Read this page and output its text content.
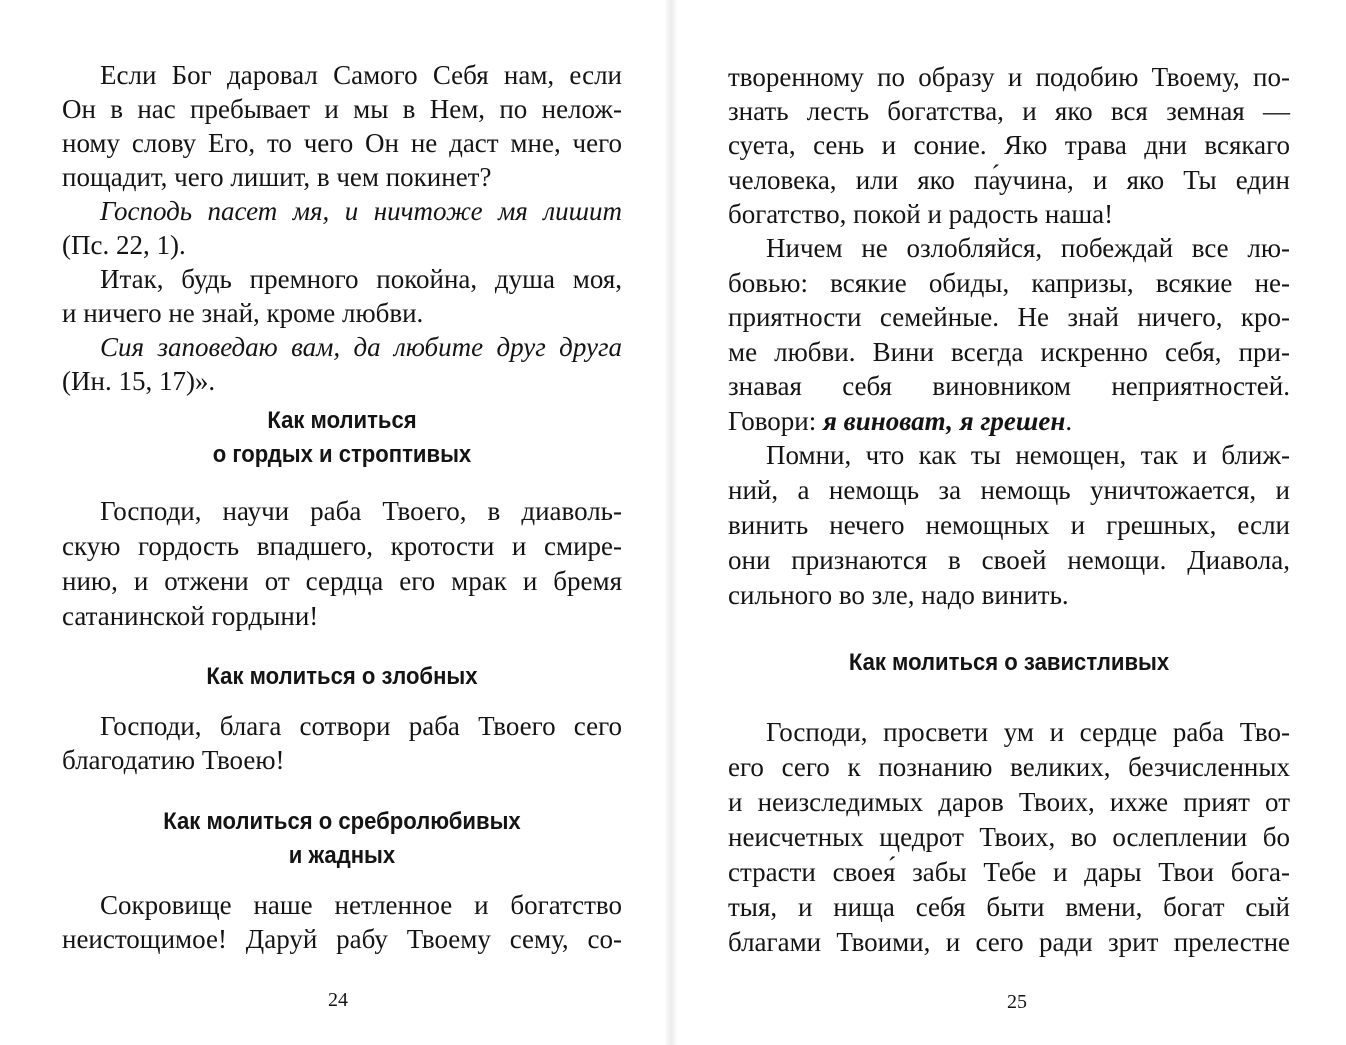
Если Бог даровал Самого Себя нам, если
Он в нас пребывает и мы в Нем, по нелож-
ному слову Его, то чего Он не даст мне, чего
пощадит, чего лишит, в чем покинет?
Господь пасет мя, и ничтоже мя лишит
(Пс. 22, 1).
Итак, будь премного покойна, душа моя,
и ничего не знай, кроме любви.
Сия заповедаю вам, да любите друг друга
(Ин. 15, 17)».
Как молиться
о гордых и строптивых
Господи, научи раба Твоего, в диаволь-
скую гордость впадшего, кротости и смире-
нию, и отжени от сердца его мрак и бремя
сатанинской гордыни!
Как молиться о злобных
Господи, блага сотвори раба Твоего сего
благодатию Твоею!
Как молиться о сребролюбивых
и жадных
Сокровище наше нетленное и богатство
неистощимое! Даруй рабу Твоему сему, со-
24
творенному по образу и подобию Твоему, по-
знать лесть богатства, и яко вся земная —
суета, сень и соние. Яко трава дни всякаго
человека, или яко па́учина, и яко Ты един
богатство, покой и радость наша!
Ничем не озлобляйся, побеждай все лю-
бовью: всякие обиды, капризы, всякие не-
приятности семейные. Не знай ничего, кро-
ме любви. Вини всегда искренно себя, при-
знавая себя виновником неприятностей.
Говори: я виноват, я грешен.
Помни, что как ты немощен, так и ближ-
ний, а немощь за немощь уничтожается, и
винить нечего немощных и грешных, если
они признаются в своей немощи. Диавола,
сильного во зле, надо винить.
Как молиться о завистливых
Господи, просвети ум и сердце раба Тво-
его сего к познанию великих, безчисленных
и неизследимых даров Твоих, ихже прият от
неисчетных щедрот Твоих, во ослеплении бо
страсти своея́ забы Тебе и дары Твои бога-
тыя, и нища себя быти вмени, богат сый
благами Твоими, и сего ради зрит прелестне
25
